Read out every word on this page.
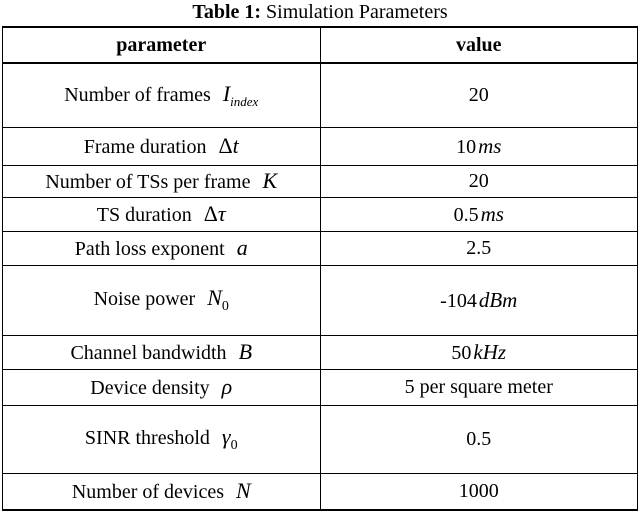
Table 1: Simulation Parameters
parameter	value
Number of frames $I_{index}$	20
Frame duration Δt	10ms
Number of TSs per frame K	20
TS duration Δτ	0.5ms
Path loss exponent a	2.5
Noise power $N_0$	-104dBm
Channel bandwidth B	50kHz
Device density ρ	5 per square meter
SINR threshold $\gamma_0$	0.5
Number of devices N	1000
